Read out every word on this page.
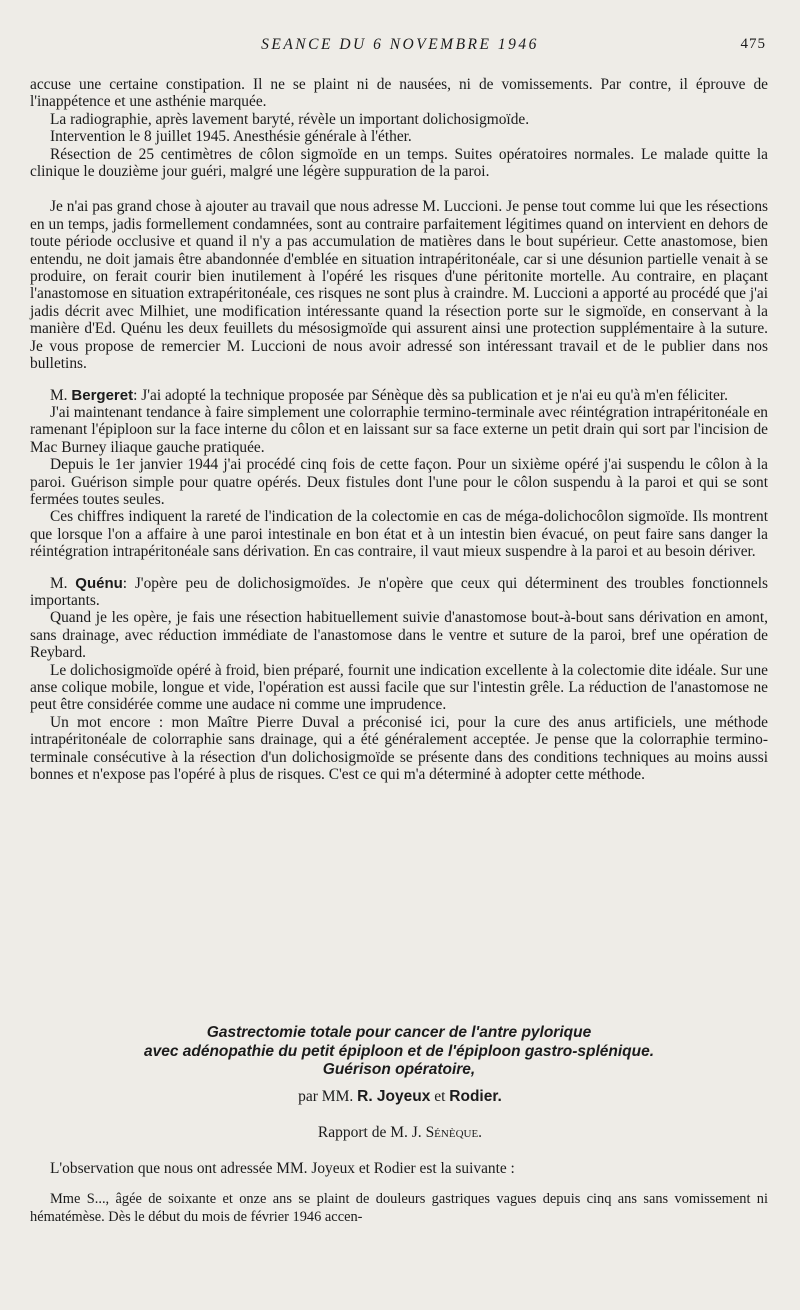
SEANCE DU 6 NOVEMBRE 1946	475

accuse une certaine constipation. Il ne se plaint ni de nausées, ni de vomissements. Par contre, il éprouve de l'inappétence et une asthénie marquée.

La radiographie, après lavement baryté, révèle un important dolichosigmoïde.

Intervention le 8 juillet 1945. Anesthésie générale à l'éther.

Résection de 25 centimètres de côlon sigmoïde en un temps. Suites opératoires normales. Le malade quitte la clinique le douzième jour guéri, malgré une légère suppuration de la paroi.

Je n'ai pas grand chose à ajouter au travail que nous adresse M. Luccioni. Je pense tout comme lui que les résections en un temps, jadis formellement condamnées, sont au contraire parfaitement légitimes quand on intervient en dehors de toute période occlusive et quand il n'y a pas accumulation de matières dans le bout supérieur. Cette anastomose, bien entendu, ne doit jamais être abandonnée d'emblée en situation intrapéritonéale, car si une désunion partielle venait à se produire, on ferait courir bien inutilement à l'opéré les risques d'une péritonite mortelle. Au contraire, en plaçant l'anastomose en situation extrapéritonéale, ces risques ne sont plus à craindre. M. Luccioni a apporté au procédé que j'ai jadis décrit avec Milhiet, une modification intéressante quand la résection porte sur le sigmoïde, en conservant à la manière d'Ed. Quénu les deux feuillets du mésosigmoïde qui assurent ainsi une protection supplémentaire à la suture. Je vous propose de remercier M. Luccioni de nous avoir adressé son intéressant travail et de le publier dans nos bulletins.

M. Bergeret: J'ai adopté la technique proposée par Sénèque dès sa publication et je n'ai eu qu'à m'en féliciter.

J'ai maintenant tendance à faire simplement une colorraphie termino-terminale avec réintégration intrapéritonéale en ramenant l'épiploon sur la face interne du côlon et en laissant sur sa face externe un petit drain qui sort par l'incision de Mac Burney iliaque gauche pratiquée.

Depuis le 1er janvier 1944 j'ai procédé cinq fois de cette façon. Pour un sixième opéré j'ai suspendu le côlon à la paroi. Guérison simple pour quatre opérés. Deux fistules dont l'une pour le côlon suspendu à la paroi et qui se sont fermées toutes seules.

Ces chiffres indiquent la rareté de l'indication de la colectomie en cas de méga-dolichocôlon sigmoïde. Ils montrent que lorsque l'on a affaire à une paroi intestinale en bon état et à un intestin bien évacué, on peut faire sans danger la réintégration intrapéritonéale sans dérivation. En cas contraire, il vaut mieux suspendre à la paroi et au besoin dériver.

M. Quénu: J'opère peu de dolichosigmoïdes. Je n'opère que ceux qui déterminent des troubles fonctionnels importants.

Quand je les opère, je fais une résection habituellement suivie d'anastomose bout-à-bout sans dérivation en amont, sans drainage, avec réduction immédiate de l'anastomose dans le ventre et suture de la paroi, bref une opération de Reybard.

Le dolichosigmoïde opéré à froid, bien préparé, fournit une indication excellente à la colectomie dite idéale. Sur une anse colique mobile, longue et vide, l'opération est aussi facile que sur l'intestin grêle. La réduction de l'anastomose ne peut être considérée comme une audace ni comme une imprudence.

Un mot encore : mon Maître Pierre Duval a préconisé ici, pour la cure des anus artificiels, une méthode intrapéritonéale de colorraphie sans drainage, qui a été généralement acceptée. Je pense que la colorraphie termino-terminale consécutive à la résection d'un dolichosigmoïde se présente dans des conditions techniques au moins aussi bonnes et n'expose pas l'opéré à plus de risques. C'est ce qui m'a déterminé à adopter cette méthode.

Gastrectomie totale pour cancer de l'antre pylorique
avec adénopathie du petit épiploon et de l'épiploon gastro-splénique.
Guérison opératoire,
par MM. R. Joyeux et Rodier.
Rapport de M. J. Sénèque.

L'observation que nous ont adressée MM. Joyeux et Rodier est la suivante :

Mme S..., âgée de soixante et onze ans se plaint de douleurs gastriques vagues depuis cinq ans sans vomissement ni hématémèse. Dès le début du mois de février 1946 accen-
